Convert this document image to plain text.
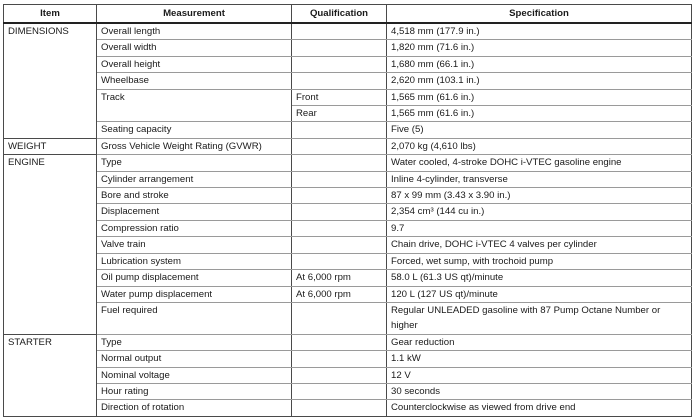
Item	Measurement	Qualification	Specification
DIMENSIONS	Overall length		4,518 mm (177.9 in.)
	Overall width		1,820 mm (71.6 in.)
	Overall height		1,680 mm (66.1 in.)
	Wheelbase		2,620 mm (103.1 in.)
	Track	Front	1,565 mm (61.6 in.)
		Rear	1,565 mm (61.6 in.)
	Seating capacity		Five (5)
WEIGHT	Gross Vehicle Weight Rating (GVWR)		2,070 kg (4,610 lbs)
ENGINE	Type		Water cooled, 4-stroke DOHC i-VTEC gasoline engine
	Cylinder arrangement		Inline 4-cylinder, transverse
	Bore and stroke		87 x 99 mm (3.43 x 3.90 in.)
	Displacement		2,354 cm³ (144 cu in.)
	Compression ratio		9.7
	Valve train		Chain drive, DOHC i-VTEC 4 valves per cylinder
	Lubrication system		Forced, wet sump, with trochoid pump
	Oil pump displacement	At 6,000 rpm	58.0 L (61.3 US qt)/minute
	Water pump displacement	At 6,000 rpm	120 L (127 US qt)/minute
	Fuel required		Regular UNLEADED gasoline with 87 Pump Octane Number or
higher

STARTER	Type		Gear reduction
	Normal output		1.1 kW
	Nominal voltage		12 V
	Hour rating		30 seconds
	Direction of rotation		Counterclockwise as viewed from drive end
